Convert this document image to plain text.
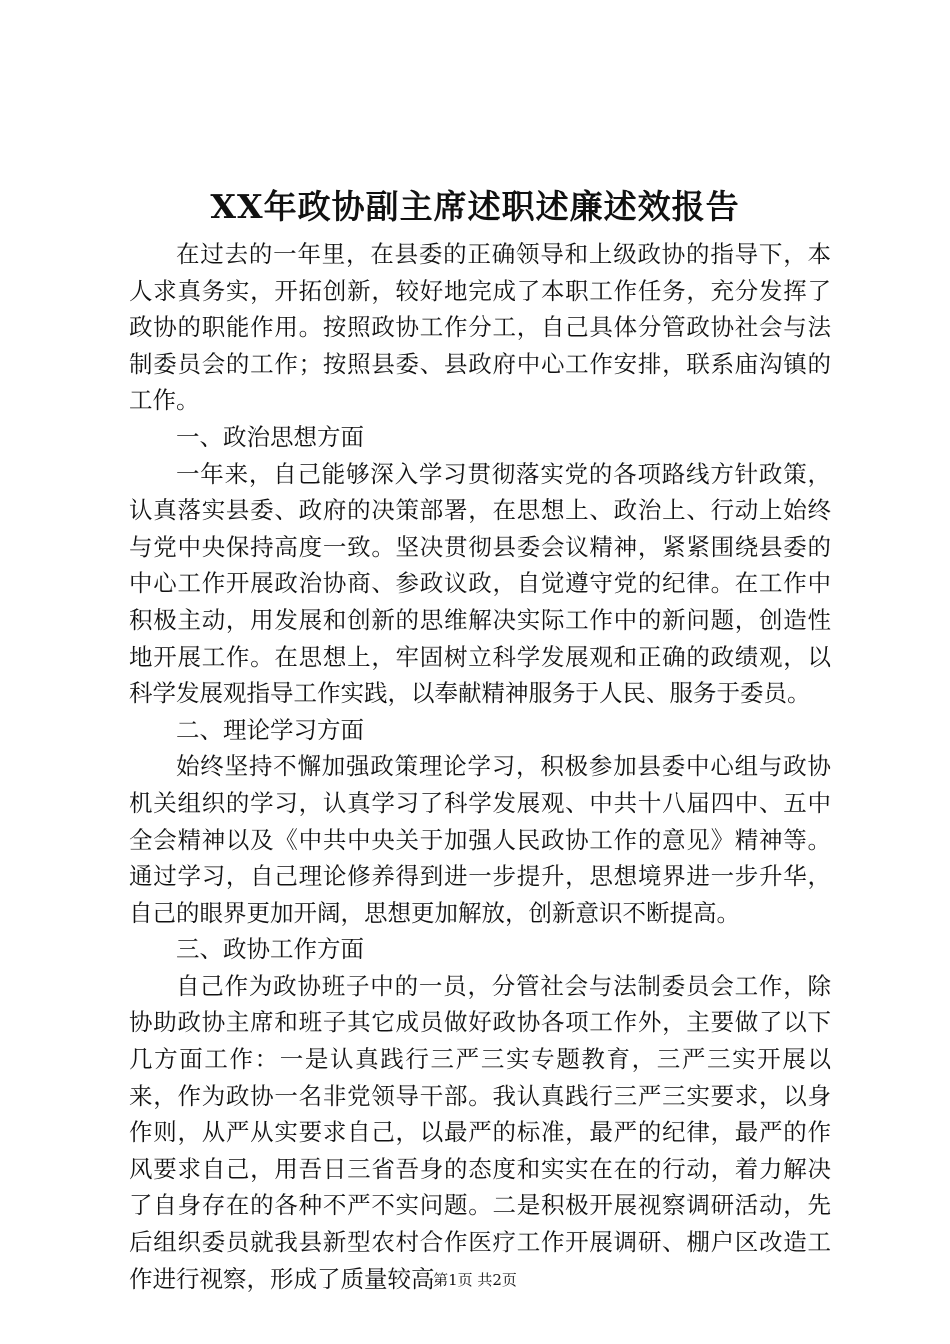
XX年政协副主席述职述廉述效报告

在过去的一年里，在县委的正确领导和上级政协的指导下，本人求真务实，开拓创新，较好地完成了本职工作任务，充分发挥了政协的职能作用。按照政协工作分工，自己具体分管政协社会与法制委员会的工作；按照县委、县政府中心工作安排，联系庙沟镇的工作。

一、政治思想方面

一年来，自己能够深入学习贯彻落实党的各项路线方针政策，认真落实县委、政府的决策部署，在思想上、政治上、行动上始终与党中央保持高度一致。坚决贯彻县委会议精神，紧紧围绕县委的中心工作开展政治协商、参政议政，自觉遵守党的纪律。在工作中积极主动，用发展和创新的思维解决实际工作中的新问题，创造性地开展工作。在思想上，牢固树立科学发展观和正确的政绩观，以科学发展观指导工作实践，以奉献精神服务于人民、服务于委员。

二、理论学习方面

始终坚持不懈加强政策理论学习，积极参加县委中心组与政协机关组织的学习，认真学习了科学发展观、中共十八届四中、五中全会精神以及《中共中央关于加强人民政协工作的意见》精神等。通过学习，自己理论修养得到进一步提升，思想境界进一步升华，自己的眼界更加开阔，思想更加解放，创新意识不断提高。

三、政协工作方面

自己作为政协班子中的一员，分管社会与法制委员会工作，除协助政协主席和班子其它成员做好政协各项工作外，主要做了以下几方面工作：一是认真践行三严三实专题教育，三严三实开展以来，作为政协一名非党领导干部。我认真践行三严三实要求，以身作则，从严从实要求自己，以最严的标准，最严的纪律，最严的作风要求自己，用吾日三省吾身的态度和实实在在的行动，着力解决了自身存在的各种不严不实问题。二是积极开展视察调研活动，先后组织委员就我县新型农村合作医疗工作开展调研、棚户区改造工作进行视察，形成了质量较高

第1页 共2页
